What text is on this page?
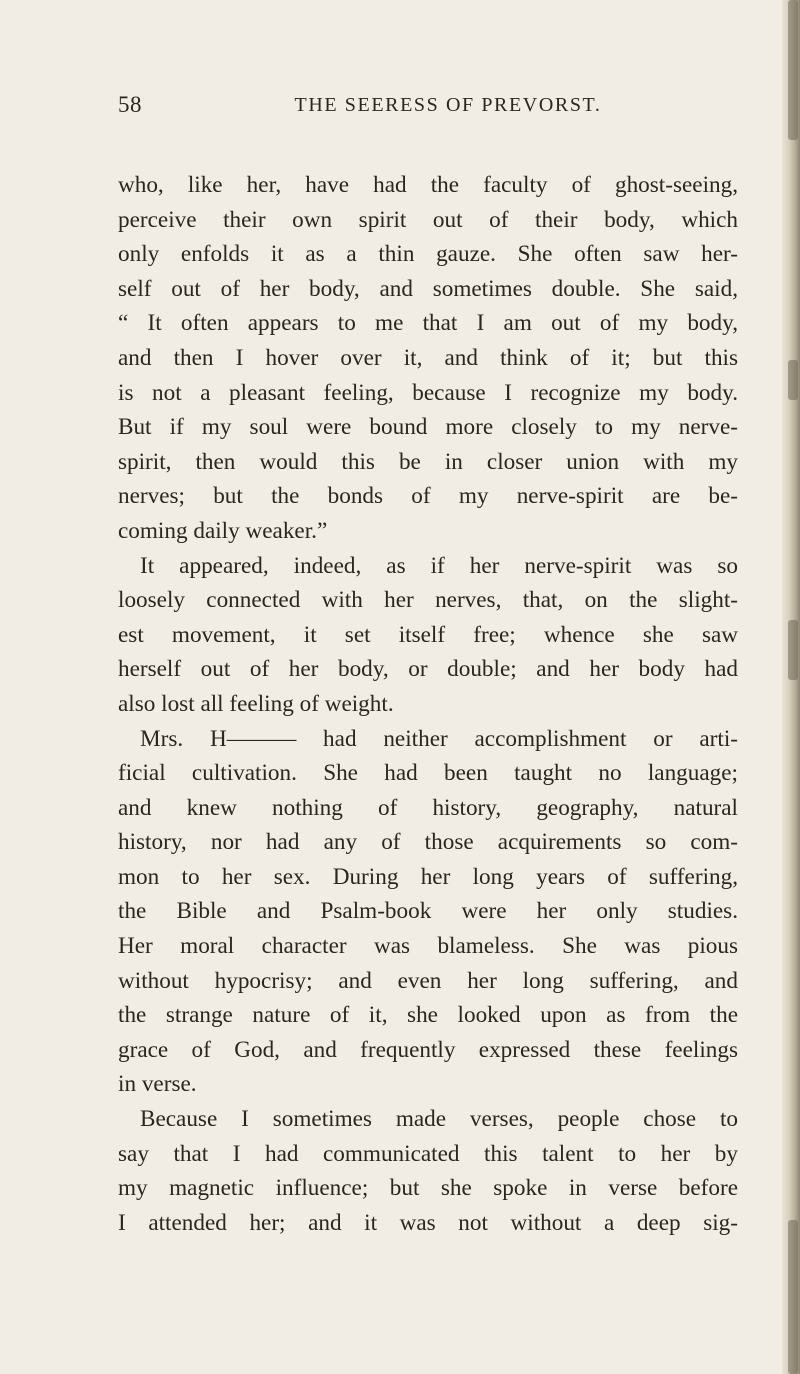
58	THE SEERESS OF PREVORST.
who, like her, have had the faculty of ghost-seeing,
perceive their own spirit out of their body, which
only enfolds it as a thin gauze. She often saw her-
self out of her body, and sometimes double. She said,
“ It often appears to me that I am out of my body,
and then I hover over it, and think of it; but this
is not a pleasant feeling, because I recognize my body.
But if my soul were bound more closely to my nerve-
spirit, then would this be in closer union with my
nerves; but the bonds of my nerve-spirit are be-
coming daily weaker.”
It appeared, indeed, as if her nerve-spirit was so
loosely connected with her nerves, that, on the slight-
est movement, it set itself free; whence she saw
herself out of her body, or double; and her body had
also lost all feeling of weight.
Mrs. H——— had neither accomplishment or arti-
ficial cultivation. She had been taught no language;
and knew nothing of history, geography, natural
history, nor had any of those acquirements so com-
mon to her sex. During her long years of suffering,
the Bible and Psalm-book were her only studies.
Her moral character was blameless. She was pious
without hypocrisy; and even her long suffering, and
the strange nature of it, she looked upon as from the
grace of God, and frequently expressed these feelings
in verse.
Because I sometimes made verses, people chose to
say that I had communicated this talent to her by
my magnetic influence; but she spoke in verse before
I attended her; and it was not without a deep sig-
